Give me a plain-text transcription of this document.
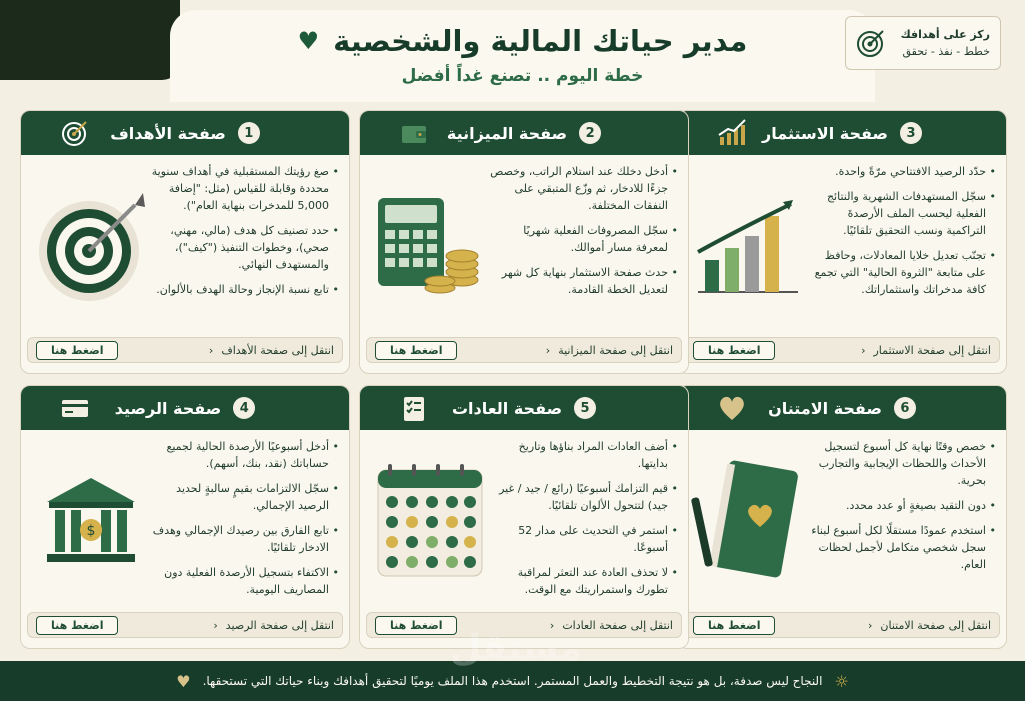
مدير حياتك المالية والشخصية
♥
خطة اليوم .. تصنع غداً أفضل
ركز على أهدافك
خطط - نفذ - تحقق
3
صفحة الاستثمار
• حدّد الرصيد الافتتاحي مرّةً واحدة.
• سجّل المستهدفات الشهرية والنتائج الفعلية ليحسب الملف الأرصدةَ التراكمية ونسب التحقيق تلقائيًا.
• تجنّب تعديل خلايا المعادلات، وحافظ على متابعة "الثروة الحالية" التي تجمع كافة مدخراتك واستثماراتك.
انتقل إلى صفحة الاستثمار
‹
اضغط هنا
2
صفحة الميزانية
• أدخل دخلك عند استلام الراتب، وخصص جزءًا للادخار، ثم وزّع المتبقي على النفقات المختلفة.
• سجّل المصروفات الفعلية شهريًا لمعرفة مسار أموالك.
• حدث صفحة الاستثمار بنهاية كل شهر لتعديل الخطة القادمة.
انتقل إلى صفحة الميزانية
‹
اضغط هنا
1
صفحة الأهداف
• صغ رؤيتك المستقبلية في أهداف سنوية محددة وقابلة للقياس (مثل: "إضافة 5,000 للمدخرات بنهاية العام").
• حدد تصنيف كل هدف (مالي، مهني، صحي)، وخطوات التنفيذ ("كيف")، والمستهدف النهائي.
• تابع نسبة الإنجاز وحالة الهدف بالألوان.
انتقل إلى صفحة الأهداف
‹
اضغط هنا
6
صفحة الامتنان
• خصص وقتًا نهاية كل أسبوع لتسجيل الأحداث واللحظات الإيجابية والتجارب بحرية.
• دون التقيد بصيغةٍ أو عدد محدد.
• استخدم عمودًا مستقلًا لكل أسبوع لبناء سجل شخصي متكامل لأجمل لحظات العام.
انتقل إلى صفحة الامتنان
‹
اضغط هنا
5
صفحة العادات
• أضف العادات المراد بناؤها وتاريخ بدايتها.
• قيم التزامك أسبوعيًا (رائع / جيد / غير جيد) لتتحول الألوان تلقائيًا.
• استمر في التحديث على مدار 52 أسبوعًا.
• لا تحذف العادة عند التعثر لمراقبة تطورك واستمراريتك مع الوقت.
انتقل إلى صفحة العادات
‹
اضغط هنا
4
صفحة الرصيد
• أدخل أسبوعيًا الأرصدة الحالية لجميع حساباتك (نقد، بنك، أسهم).
• سجّل الالتزامات بقيمٍ سالبةٍ لحديد الرصيد الإجمالي.
• تابع الفارق بين رصيدك الإجمالي وهدف الادخار تلقائيًا.
• الاكتفاء بتسجيل الأرصدة الفعلية دون المصاريف اليومية.
$
انتقل إلى صفحة الرصيد
‹
اضغط هنا
☼
النجاح ليس صدفة، بل هو نتيجة التخطيط والعمل المستمر. استخدم هذا الملف يوميًا لتحقيق أهدافك وبناء حياتك التي تستحقها.
♥
مستقل
